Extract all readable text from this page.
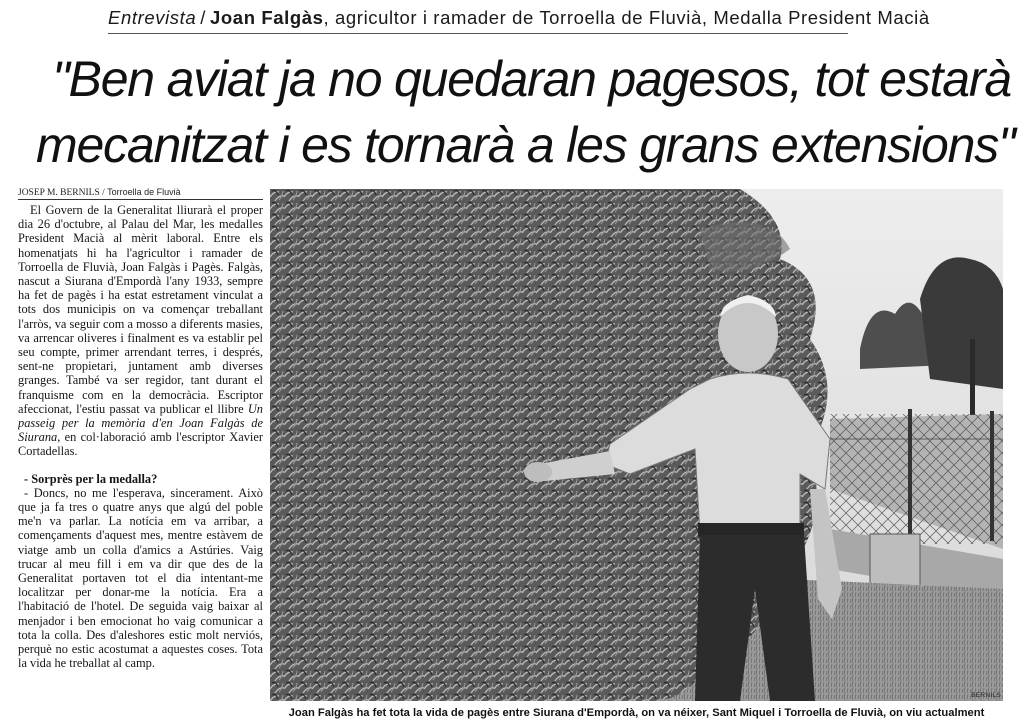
Entrevista / Joan Falgàs, agricultor i ramader de Torroella de Fluvià, Medalla President Macià
"Ben aviat ja no quedaran pagesos, tot estarà
mecanitzat i es tornarà a les grans extensions"
JOSEP M. BERNILS / Torroella de Fluvià

El Govern de la Generalitat lliurarà el proper dia 26 d'octubre, al Palau del Mar, les medalles President Macià al mèrit laboral. Entre els homenatjats hi ha l'agricultor i ramader de Torroella de Fluvià, Joan Falgàs i Pagès. Falgàs, nascut a Siurana d'Empordà l'any 1933, sempre ha fet de pagès i ha estat estretament vinculat a tots dos municipis on va començar treballant l'arròs, va seguir com a mosso a diferents masies, va arrencar oliveres i finalment es va establir pel seu compte, primer arrendant terres, i després, sent-ne propietari, juntament amb diverses granges. També va ser regidor, tant durant el franquisme com en la democràcia. Escriptor afeccionat, l'estiu passat va publicar el llibre Un passeig per la memòria d'en Joan Falgàs de Siurana, en col·laboració amb l'escriptor Xavier Cortadellas.

- Sorprès per la medalla?

- Doncs, no me l'esperava, sincerament. Això que ja fa tres o quatre anys que algú del poble me'n va parlar. La notícia em va arribar, a començaments d'aquest mes, mentre estàvem de viatge amb un colla d'amics a Astúries. Vaig trucar al meu fill i em va dir que des de la Generalitat portaven tot el dia intentant-me localitzar per donar-me la notícia. Era a l'habitació de l'hotel. De seguida vaig baixar al menjador i ben emocionat ho vaig comunicar a tota la colla. Des d'aleshores estic molt nerviós, perquè no estic acostumat a aquestes coses. Tota la vida he treballat al camp.

BERNILS
Joan Falgàs ha fet tota la vida de pagès entre Siurana d'Empordà, on va néixer, Sant Miquel i Torroella de Fluvià, on viu actualment
